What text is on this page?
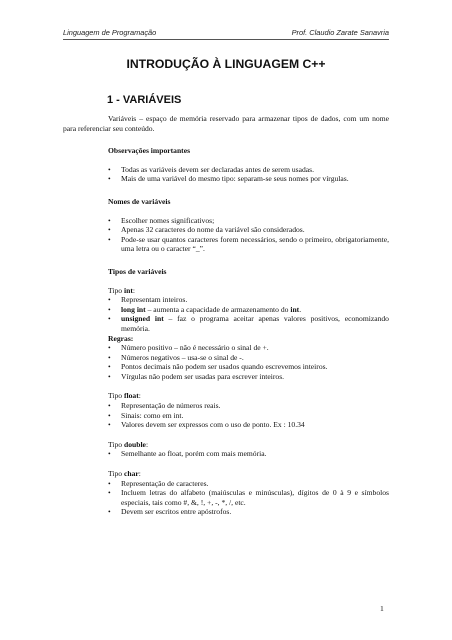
Linguagem de Programação	Prof. Claudio Zarate Sanavria
INTRODUÇÃO À LINGUAGEM C++
1 - VARIÁVEIS

Variáveis – espaço de memória reservado para armazenar tipos de dados, com um nome para referenciar seu conteúdo.

Observações importantes
• Todas as variáveis devem ser declaradas antes de serem usadas.
• Mais de uma variável do mesmo tipo: separam-se seus nomes por vírgulas.
Nomes de variáveis
• Escolher nomes significativos;
• Apenas 32 caracteres do nome da variável são considerados.
• Pode-se usar quantos caracteres forem necessários, sendo o primeiro, obrigatoriamente, uma letra ou o caracter “_”.
Tipos de variáveis
Tipo int:
• Representam inteiros.
• long int – aumenta a capacidade de armazenamento do int.
• unsigned int – faz o programa aceitar apenas valores positivos, economizando memória.
Regras:
• Número positivo – não é necessário o sinal de +.
• Números negativos – usa-se o sinal de -.
• Pontos decimais não podem ser usados quando escrevemos inteiros.
• Vírgulas não podem ser usadas para escrever inteiros.
Tipo float:
• Representação de números reais.
• Sinais: como em int.
• Valores devem ser expressos com o uso de ponto. Ex : 10.34
Tipo double:
• Semelhante ao float, porém com mais memória.
Tipo char:
• Representação de caracteres.
• Incluem letras do alfabeto (maiúsculas e minúsculas), dígitos de 0 à 9 e símbolos especiais, tais como #, &, !, +, -, *, /, etc.
• Devem ser escritos entre apóstrofos.
1
